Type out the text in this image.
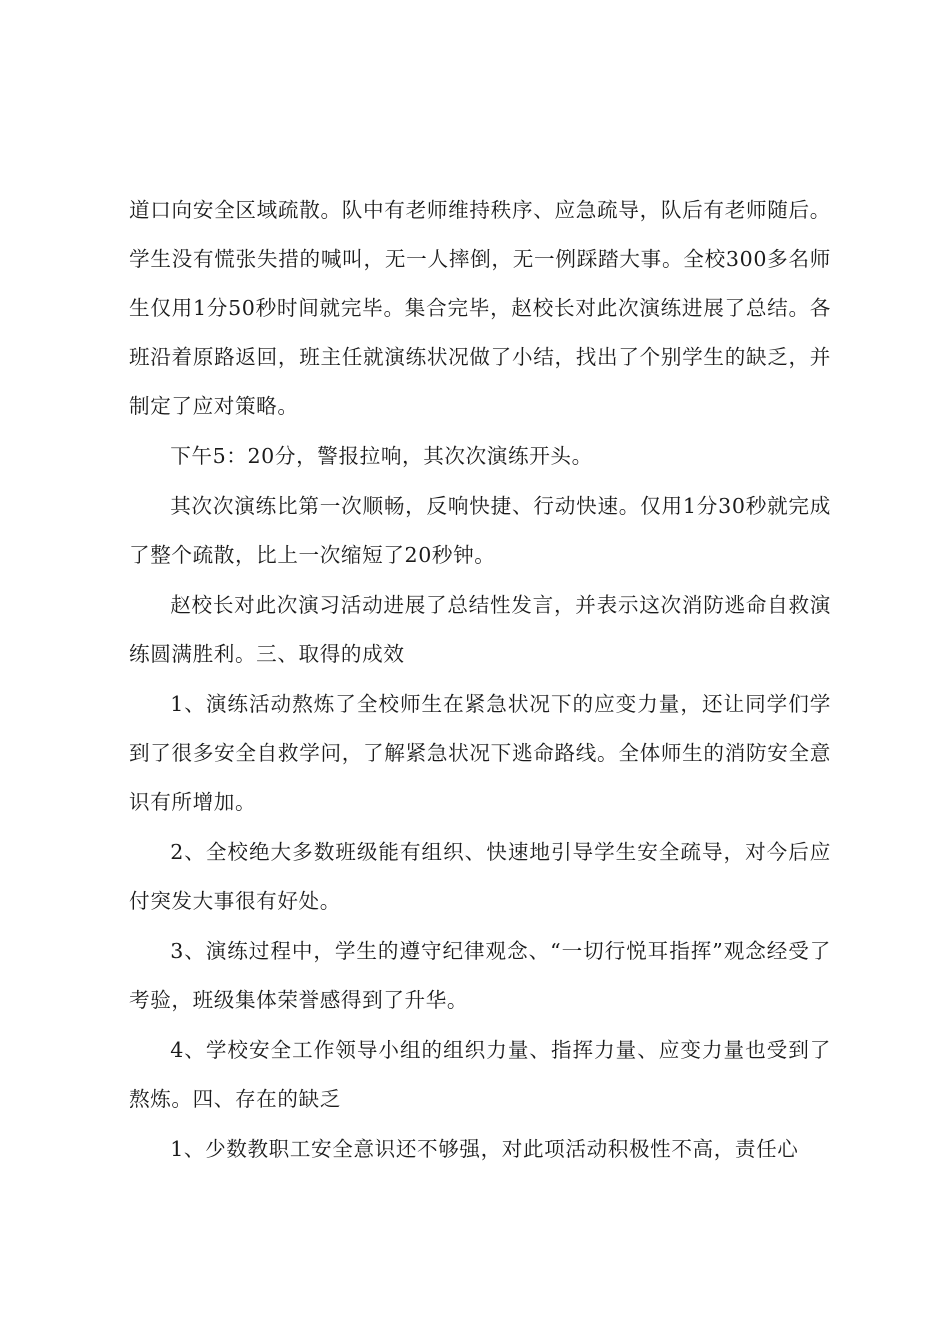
道口向安全区域疏散。队中有老师维持秩序、应急疏导，队后有老师随后。学生没有慌张失措的喊叫，无一人摔倒，无一例踩踏大事。全校300多名师生仅用1分50秒时间就完毕。集合完毕，赵校长对此次演练进展了总结。各班沿着原路返回，班主任就演练状况做了小结，找出了个别学生的缺乏，并制定了应对策略。

下午5：20分，警报拉响，其次次演练开头。

其次次演练比第一次顺畅，反响快捷、行动快速。仅用1分30秒就完成了整个疏散，比上一次缩短了20秒钟。

赵校长对此次演习活动进展了总结性发言，并表示这次消防逃命自救演练圆满胜利。三、取得的成效

1、演练活动熬炼了全校师生在紧急状况下的应变力量，还让同学们学到了很多安全自救学问，了解紧急状况下逃命路线。全体师生的消防安全意识有所增加。

2、全校绝大多数班级能有组织、快速地引导学生安全疏导，对今后应付突发大事很有好处。

3、演练过程中，学生的遵守纪律观念、“一切行悦耳指挥”观念经受了考验，班级集体荣誉感得到了升华。

4、学校安全工作领导小组的组织力量、指挥力量、应变力量也受到了熬炼。四、存在的缺乏

1、少数教职工安全意识还不够强，对此项活动积极性不高，责任心
